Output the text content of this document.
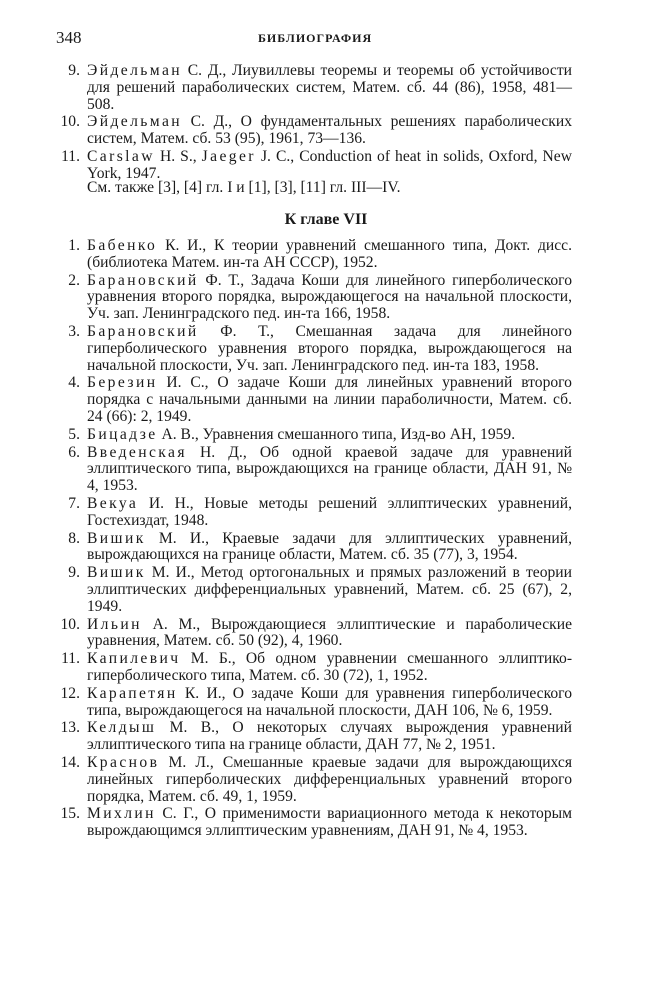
348	БИБЛИОГРАФИЯ
9. Эйдельман С. Д., Лиувиллевы теоремы и теоремы об устойчивости для решений параболических систем, Матем. сб. 44 (86), 1958, 481—508.
10. Эйдельман С. Д., О фундаментальных решениях параболических систем, Матем. сб. 53 (95), 1961, 73—136.
11. Carslaw H. S., Jaeger J. C., Conduction of heat in solids, Oxford, New York, 1947.
См. также [3], [4] гл. I и [1], [3], [11] гл. III—IV.
К главе VII
1. Бабенко К. И., К теории уравнений смешанного типа, Докт. дисс. (библиотека Матем. ин-та АН СССР), 1952.
2. Барановский Ф. Т., Задача Коши для линейного гиперболического уравнения второго порядка, вырождающегося на начальной плоскости, Уч. зап. Ленинградского пед. ин-та 166, 1958.
3. Барановский Ф. Т., Смешанная задача для линейного гиперболического уравнения второго порядка, вырождающегося на начальной плоскости, Уч. зап. Ленинградского пед. ин-та 183, 1958.
4. Березин И. С., О задаче Коши для линейных уравнений второго порядка с начальными данными на линии параболичности, Матем. сб. 24 (66): 2, 1949.
5. Бицадзе А. В., Уравнения смешанного типа, Изд-во АН, 1959.
6. Введенская Н. Д., Об одной краевой задаче для уравнений эллиптического типа, вырождающихся на границе области, ДАН 91, № 4, 1953.
7. Векуа И. Н., Новые методы решений эллиптических уравнений, Гостехиздат, 1948.
8. Вишик М. И., Краевые задачи для эллиптических уравнений, вырождающихся на границе области, Матем. сб. 35 (77), 3, 1954.
9. Вишик М. И., Метод ортогональных и прямых разложений в теории эллиптических дифференциальных уравнений, Матем. сб. 25 (67), 2, 1949.
10. Ильин А. М., Вырождающиеся эллиптические и параболические уравнения, Матем. сб. 50 (92), 4, 1960.
11. Капилевич М. Б., Об одном уравнении смешанного эллиптико-гиперболического типа, Матем. сб. 30 (72), 1, 1952.
12. Карапетян К. И., О задаче Коши для уравнения гиперболического типа, вырождающегося на начальной плоскости, ДАН 106, № 6, 1959.
13. Келдыш М. В., О некоторых случаях вырождения уравнений эллиптического типа на границе области, ДАН 77, № 2, 1951.
14. Краснов М. Л., Смешанные краевые задачи для вырождающихся линейных гиперболических дифференциальных уравнений второго порядка, Матем. сб. 49, 1, 1959.
15. Михлин С. Г., О применимости вариационного метода к некоторым вырождающимся эллиптическим уравнениям, ДАН 91, № 4, 1953.
